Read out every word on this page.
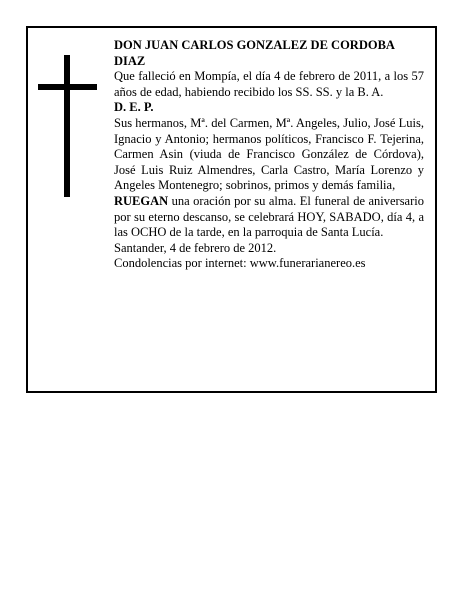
DON JUAN CARLOS GONZALEZ DE CORDOBA DIAZ

Que falleció en Mompía, el día 4 de febrero de 2011, a los 57 años de edad, habiendo recibido los SS. SS. y la B. A.

D. E. P.

Sus hermanos, Mª. del Carmen, Mª. Angeles, Julio, José Luis, Ignacio y Antonio; hermanos políticos, Francisco F. Tejerina, Carmen Asin (viuda de Francisco González de Córdova), José Luis Ruiz Almendres, Carla Castro, María Lorenzo y Angeles Montenegro; sobrinos, primos y demás familia,

RUEGAN una oración por su alma. El funeral de aniversario por su eterno descanso, se celebrará HOY, SABADO, día 4, a las OCHO de la tarde, en la parroquia de Santa Lucía.

Santander, 4 de febrero de 2012.

Condolencias por internet: www.funerarianereo.es
